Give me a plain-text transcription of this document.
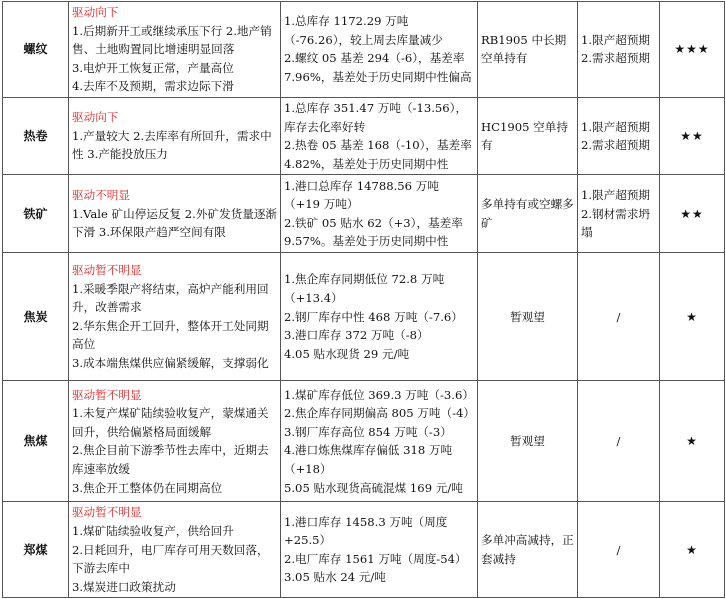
螺纹	驱动向下
1.后期新开工或继续承压下行 2.地产销售、土地购置同比增速明显回落
3.电炉开工恢复正常，产量高位
4.去库不及预期，需求边际下滑	1.总库存 1172.29 万吨（-76.26），较上周去库量减少
2.螺纹 05 基差 294（-6），基差率 7.96%，基差处于历史同期中性偏高	RB1905 中长期空单持有	1.限产超预期
2.需求超预期	★★★
热卷	驱动向下
1.产量较大 2.去库率有所回升，需求中性 3.产能投放压力	1.总库存 351.47 万吨（-13.56），库存去化率好转
2.热卷 05 基差 168（-10），基差率 4.82%，基差处于历史同期中性	HC1905 空单持有	1.限产超预期
2.需求超预期	★★
铁矿	驱动不明显
1.Vale 矿山停运反复 2.外矿发货量逐渐下滑 3.环保限产趋严空间有限	1.港口总库存 14788.56 万吨（+19 万吨）
2.铁矿 05 贴水 62（+3），基差率 9.57%。基差处于历史同期中性	多单持有或空螺多矿	1.限产超预期
2.钢材需求坍塌	★★
焦炭	驱动暂不明显
1.采暖季限产将结束，高炉产能利用回升，改善需求
2.华东焦企开工回升，整体开工处同期高位
3.成本端焦煤供应偏紧缓解，支撑弱化	1.焦企库存同期低位 72.8 万吨（+13.4）
2.钢厂库存中性 468 万吨（-7.6）
3.港口库存 372 万吨（-8）
4.05 贴水现货 29 元/吨	暂观望	/	★
焦煤	驱动暂不明显
1.未复产煤矿陆续验收复产，蒙煤通关回升，供给偏紧格局面缓解
2.焦企目前下游季节性去库中，近期去库速率放缓
3.焦企开工整体仍在同期高位	1.煤矿库存低位 369.3 万吨（-3.6）
2.焦企库存同期偏高 805 万吨（-4）
3.钢厂库存高位 854 万吨（-3）
4.港口炼焦煤库存偏低 318 万吨（+18）
5.05 贴水现货高硫混煤 169 元/吨	暂观望	/	★
郑煤	驱动暂不明显
1.煤矿陆续验收复产，供给回升
2.日耗回升，电厂库存可用天数回落，下游去库中
3.煤炭进口政策扰动	1.港口库存 1458.3 万吨（周度+25.5）
2.电厂库存 1561 万吨（周度-54）
3.05 贴水 24 元/吨	多单冲高减持，正套减持	/	★
